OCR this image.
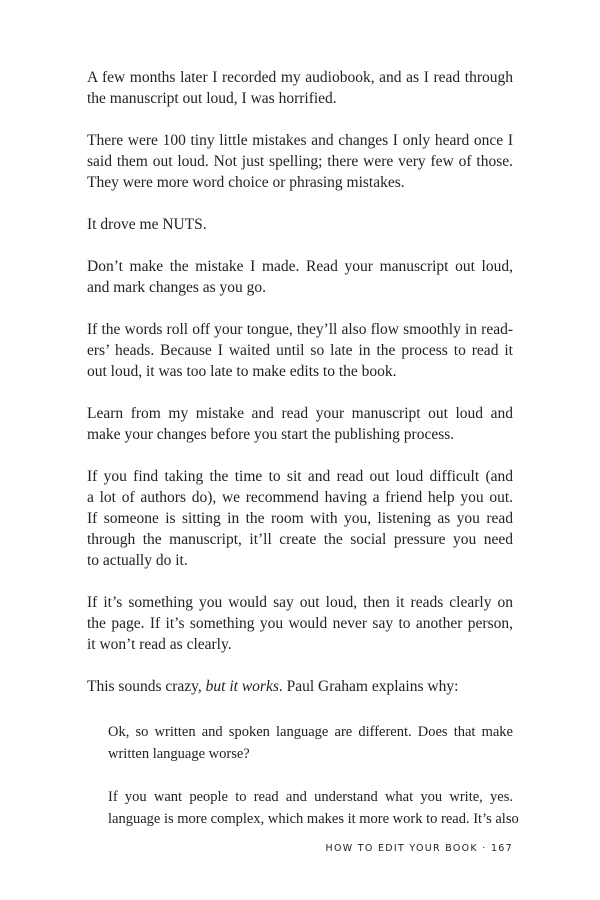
A few months later I recorded my audiobook, and as I read through
the manuscript out loud, I was horrified.
There were 100 tiny little mistakes and changes I only heard once I
said them out loud. Not just spelling; there were very few of those.
They were more word choice or phrasing mistakes.
It drove me NUTS.
Don’t make the mistake I made. Read your manuscript out loud,
and mark changes as you go.
If the words roll off your tongue, they’ll also flow smoothly in read-
ers’ heads. Because I waited until so late in the process to read it
out loud, it was too late to make edits to the book.
Learn from my mistake and read your manuscript out loud and
make your changes before you start the publishing process.
If you find taking the time to sit and read out loud difficult (and
a lot of authors do), we recommend having a friend help you out.
If someone is sitting in the room with you, listening as you read
through the manuscript, it’ll create the social pressure you need
to actually do it.
If it’s something you would say out loud, then it reads clearly on
the page. If it’s something you would never say to another person,
it won’t read as clearly.
This sounds crazy, but it works. Paul Graham explains why:
Ok, so written and spoken language are different. Does that make
written language worse?
If you want people to read and understand what you write, yes.
language is more complex, which makes it more work to read. It’s also
HOW TO EDIT YOUR BOOK · 167
